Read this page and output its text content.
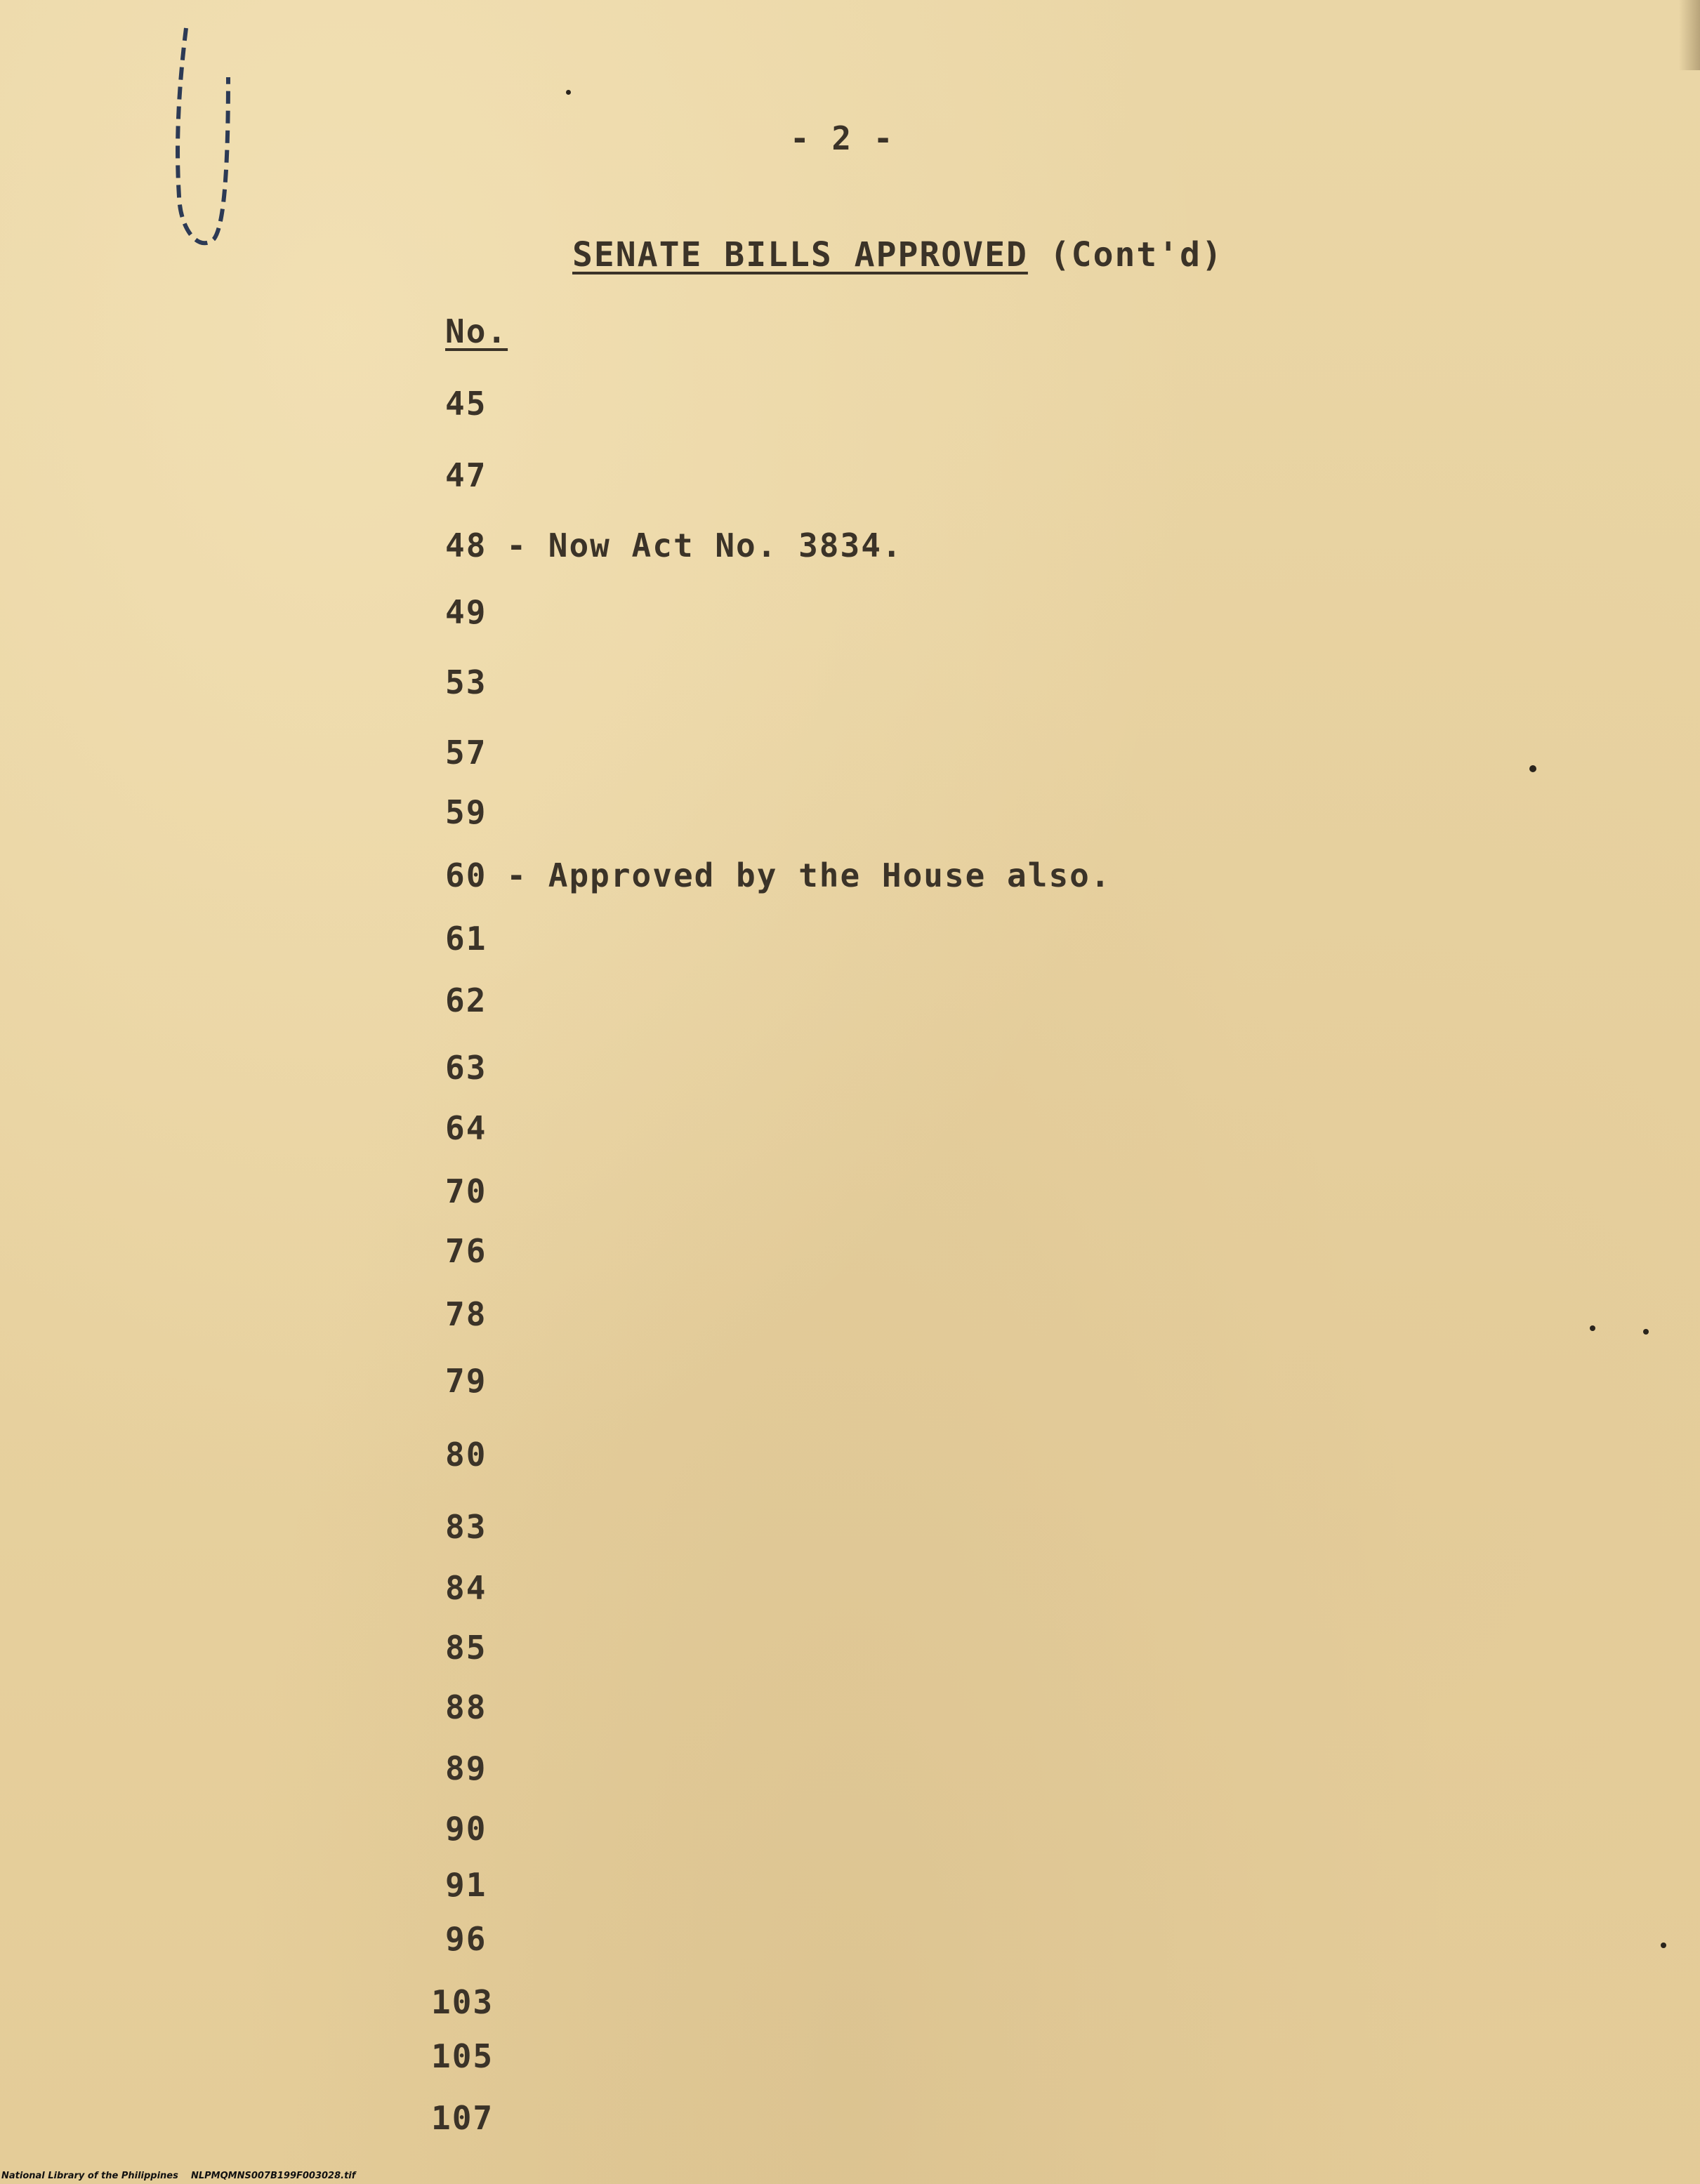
- 2 -
SENATE BILLS APPROVED (Cont'd)
No.
45
47
48 - Now Act No. 3834.
49
53
57
59
60 - Approved by the House also.
61
62
63
64
70
76
78
79
80
83
84
85
88
89
90
91
96
103
105
107
National Library of the Philippines    NLPMQMNS007B199F003028.tif
